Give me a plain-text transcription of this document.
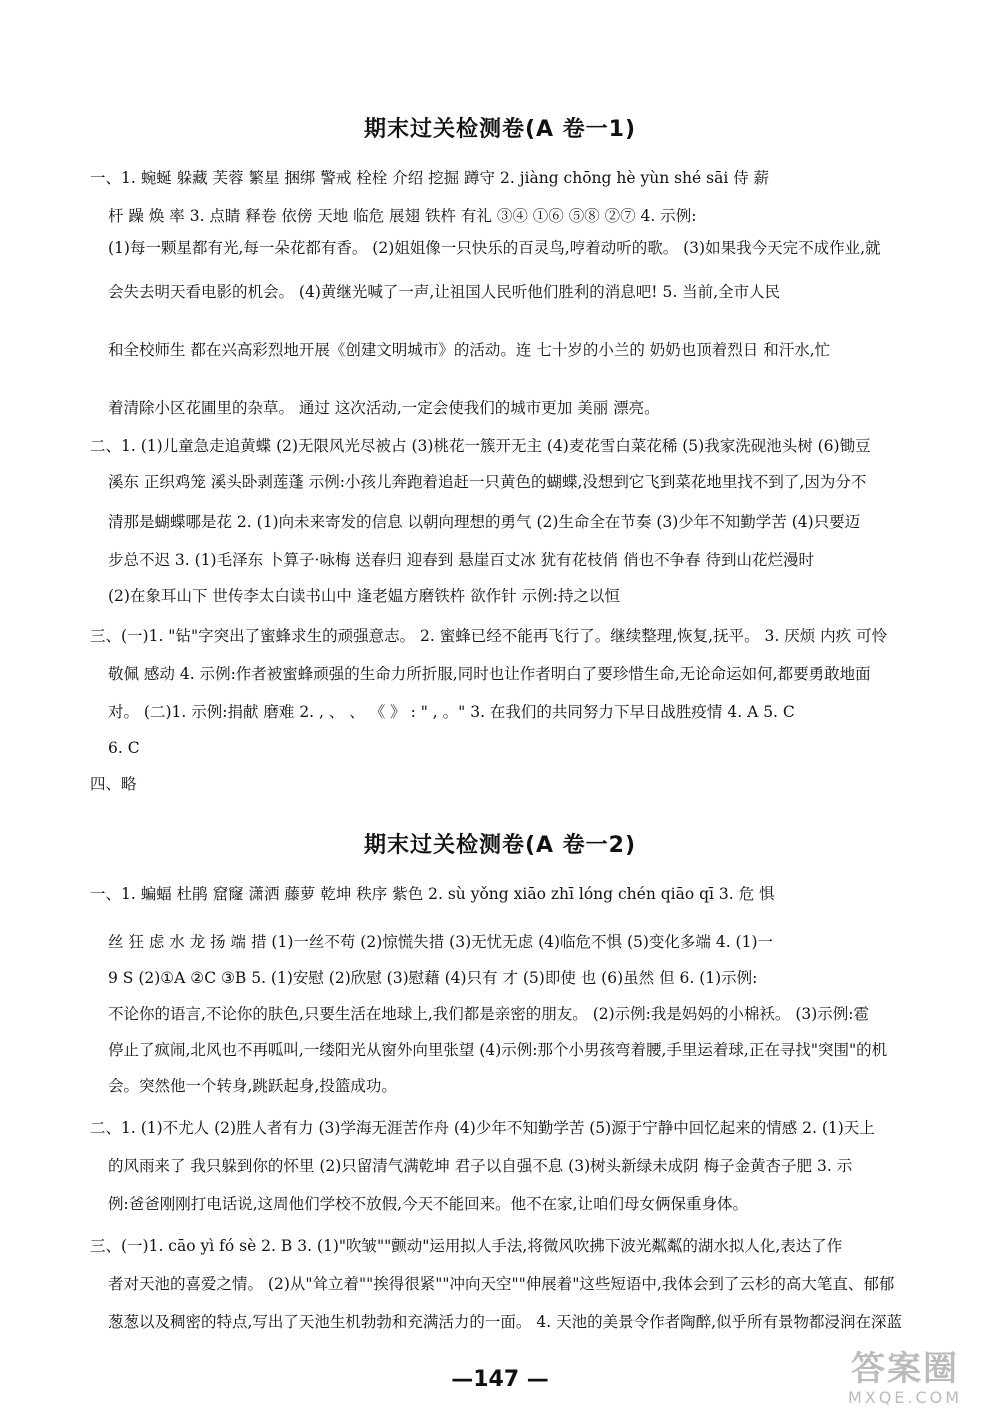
期末过关检测卷(A 卷一1)
一、1. 蜿蜒 躲藏 芙蓉 繁星 捆绑 警戒 栓栓 介绍 挖掘 蹲守 2. jiàng chōng hè yùn shé sāi 侍 薪
杆 躁 焕 率 3. 点睛 释卷 依傍 天地 临危 展翅 铁杵 有礼 ③④ ①⑥ ⑤⑧ ②⑦ 4. 示例:
(1)每一颗星都有光,每一朵花都有香。 (2)姐姐像一只快乐的百灵鸟,哼着动听的歌。 (3)如果我今天完不成作业,就
会失去明天看电影的机会。 (4)黄继光喊了一声,让祖国人民听他们胜利的消息吧! 5. 当前,全市人民
和全校师生 都在兴高彩烈地开展《创建文明城市》的活动。连 七十岁的小兰的 奶奶也顶着烈日 和汗水,忙
着清除小区花圃里的杂草。 通过 这次活动,一定会使我们的城市更加 美丽 漂亮。
二、1. (1)儿童急走追黄蝶 (2)无限风光尽被占 (3)桃花一簇开无主 (4)麦花雪白菜花稀 (5)我家洗砚池头树 (6)锄豆
溪东 正织鸡笼 溪头卧剥莲蓬 示例:小孩儿奔跑着追赶一只黄色的蝴蝶,没想到它飞到菜花地里找不到了,因为分不
清那是蝴蝶哪是花 2. (1)向未来寄发的信息 以朝向理想的勇气 (2)生命全在节奏 (3)少年不知勤学苦 (4)只要迈
步总不迟 3. (1)毛泽东 卜算子·咏梅 送春归 迎春到 悬崖百丈冰 犹有花枝俏 俏也不争春 待到山花烂漫时
(2)在象耳山下 世传李太白读书山中 逢老媪方磨铁杵 欲作针 示例:持之以恒
三、(一)1. "钻"字突出了蜜蜂求生的顽强意志。 2. 蜜蜂已经不能再飞行了。继续整理,恢复,抚平。 3. 厌烦 内疚 可怜
敬佩 感动 4. 示例:作者被蜜蜂顽强的生命力所折服,同时也让作者明白了要珍惜生命,无论命运如何,都要勇敢地面
对。 (二)1. 示例:捐献 磨难 2. , 、 、 《 》 : " , 。" 3. 在我们的共同努力下早日战胜疫情 4. A 5. C
6. C
四、略
期末过关检测卷(A 卷一2)
一、1. 蝙蝠 杜鹃 窟窿 潇洒 藤萝 乾坤 秩序 紫色 2. sù yǒng xiāo zhī lóng chén qiāo qī 3. 危 惧
丝 狂 虑 水 龙 扬 端 措 (1)一丝不苟 (2)惊慌失措 (3)无忧无虑 (4)临危不惧 (5)变化多端 4. (1)⼀
9 S (2)①A ②C ③B 5. (1)安慰 (2)欣慰 (3)慰藉 (4)只有 才 (5)即使 也 (6)虽然 但 6. (1)示例:
不论你的语言,不论你的肤色,只要生活在地球上,我们都是亲密的朋友。 (2)示例:我是妈妈的小棉袄。 (3)示例:雹
停止了疯闹,北风也不再呱叫,一缕阳光从窗外向里张望 (4)示例:那个小男孩弯着腰,手里运着球,正在寻找"突围"的机
会。突然他一个转身,跳跃起身,投篮成功。
二、1. (1)不尤人 (2)胜人者有力 (3)学海无涯苦作舟 (4)少年不知勤学苦 (5)源于宁静中回忆起来的情感 2. (1)天上
的风雨来了 我只躲到你的怀里 (2)只留清气满乾坤 君子以自强不息 (3)树头新绿未成阴 梅子金黄杏子肥 3. 示
例:爸爸刚刚打电话说,这周他们学校不放假,今天不能回来。他不在家,让咱们母女俩保重身体。
三、(一)1. cāo yì fó sè 2. B 3. (1)"吹皱""颤动"运用拟人手法,将微风吹拂下波光粼粼的湖水拟人化,表达了作
者对天池的喜爱之情。 (2)从"耸立着""挨得很紧""冲向天空""伸展着"这些短语中,我体会到了云杉的高大笔直、郁郁
葱葱以及稠密的特点,写出了天池生机勃勃和充满活力的一面。 4. 天池的美景令作者陶醉,似乎所有景物都浸润在深蓝
—147 —	答案圈
MXQE.COM
